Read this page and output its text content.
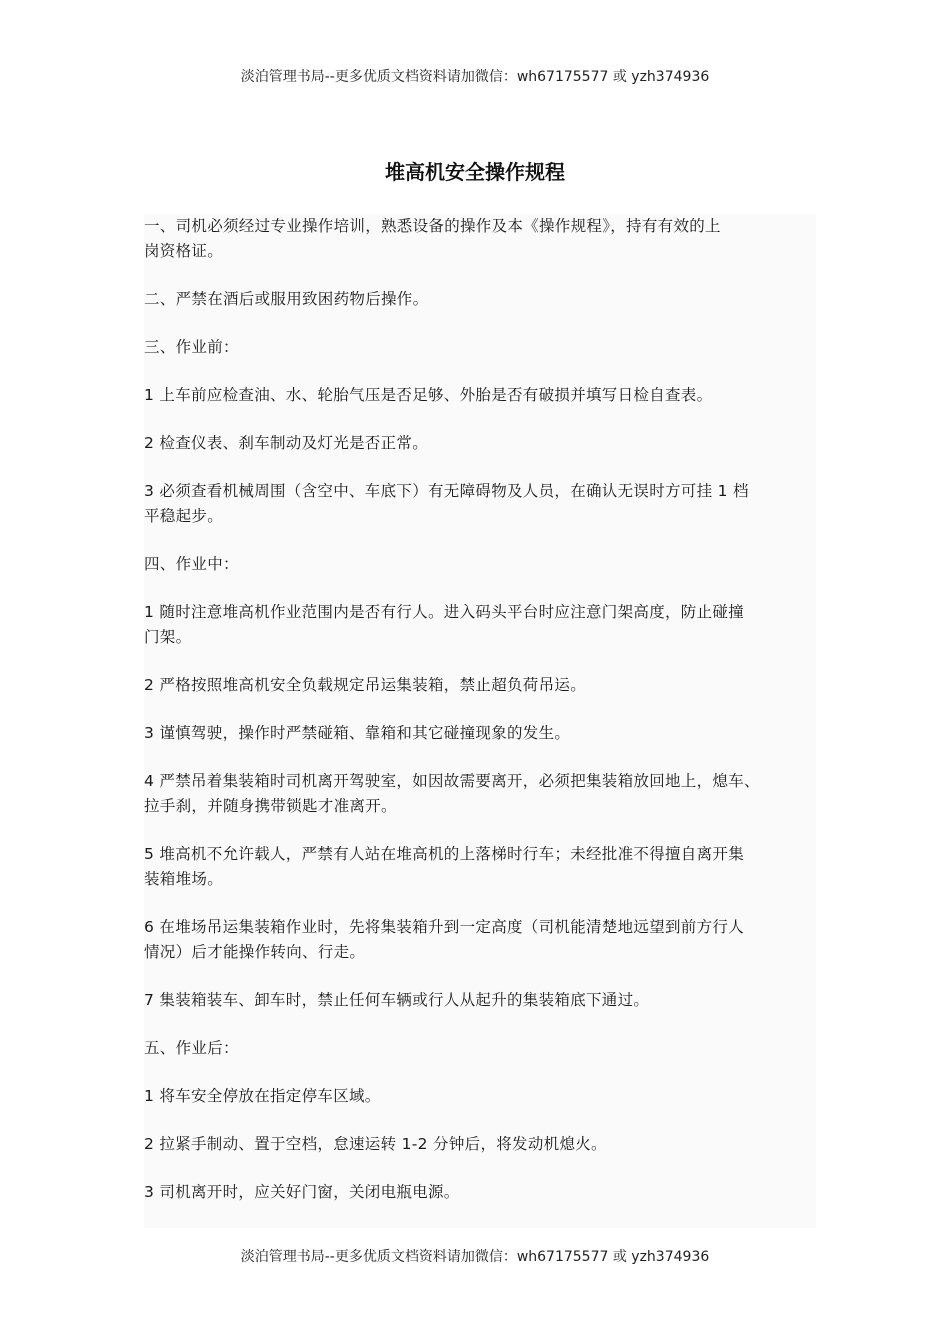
淡泊管理书局--更多优质文档资料请加微信：wh67175577 或 yzh374936
堆高机安全操作规程

一、司机必须经过专业操作培训，熟悉设备的操作及本《操作规程》，持有有效的上
岗资格证。

二、严禁在酒后或服用致困药物后操作。

三、作业前：

1 上车前应检查油、水、轮胎气压是否足够、外胎是否有破损并填写日检自查表。

2 检查仪表、刹车制动及灯光是否正常。

3 必须查看机械周围（含空中、车底下）有无障碍物及人员，在确认无误时方可挂 1 档
平稳起步。

四、作业中：

1 随时注意堆高机作业范围内是否有行人。进入码头平台时应注意门架高度，防止碰撞
门架。

2 严格按照堆高机安全负载规定吊运集装箱，禁止超负荷吊运。

3 谨慎驾驶，操作时严禁碰箱、靠箱和其它碰撞现象的发生。

4 严禁吊着集装箱时司机离开驾驶室，如因故需要离开，必须把集装箱放回地上，熄车、
拉手刹，并随身携带锁匙才准离开。

5 堆高机不允许载人，严禁有人站在堆高机的上落梯时行车；未经批准不得擅自离开集
装箱堆场。

6 在堆场吊运集装箱作业时，先将集装箱升到一定高度（司机能清楚地远望到前方行人
情况）后才能操作转向、行走。

7 集装箱装车、卸车时，禁止任何车辆或行人从起升的集装箱底下通过。

五、作业后：

1 将车安全停放在指定停车区域。

2 拉紧手制动、置于空档，怠速运转 1-2 分钟后，将发动机熄火。

3 司机离开时，应关好门窗，关闭电瓶电源。

淡泊管理书局--更多优质文档资料请加微信：wh67175577 或 yzh374936
